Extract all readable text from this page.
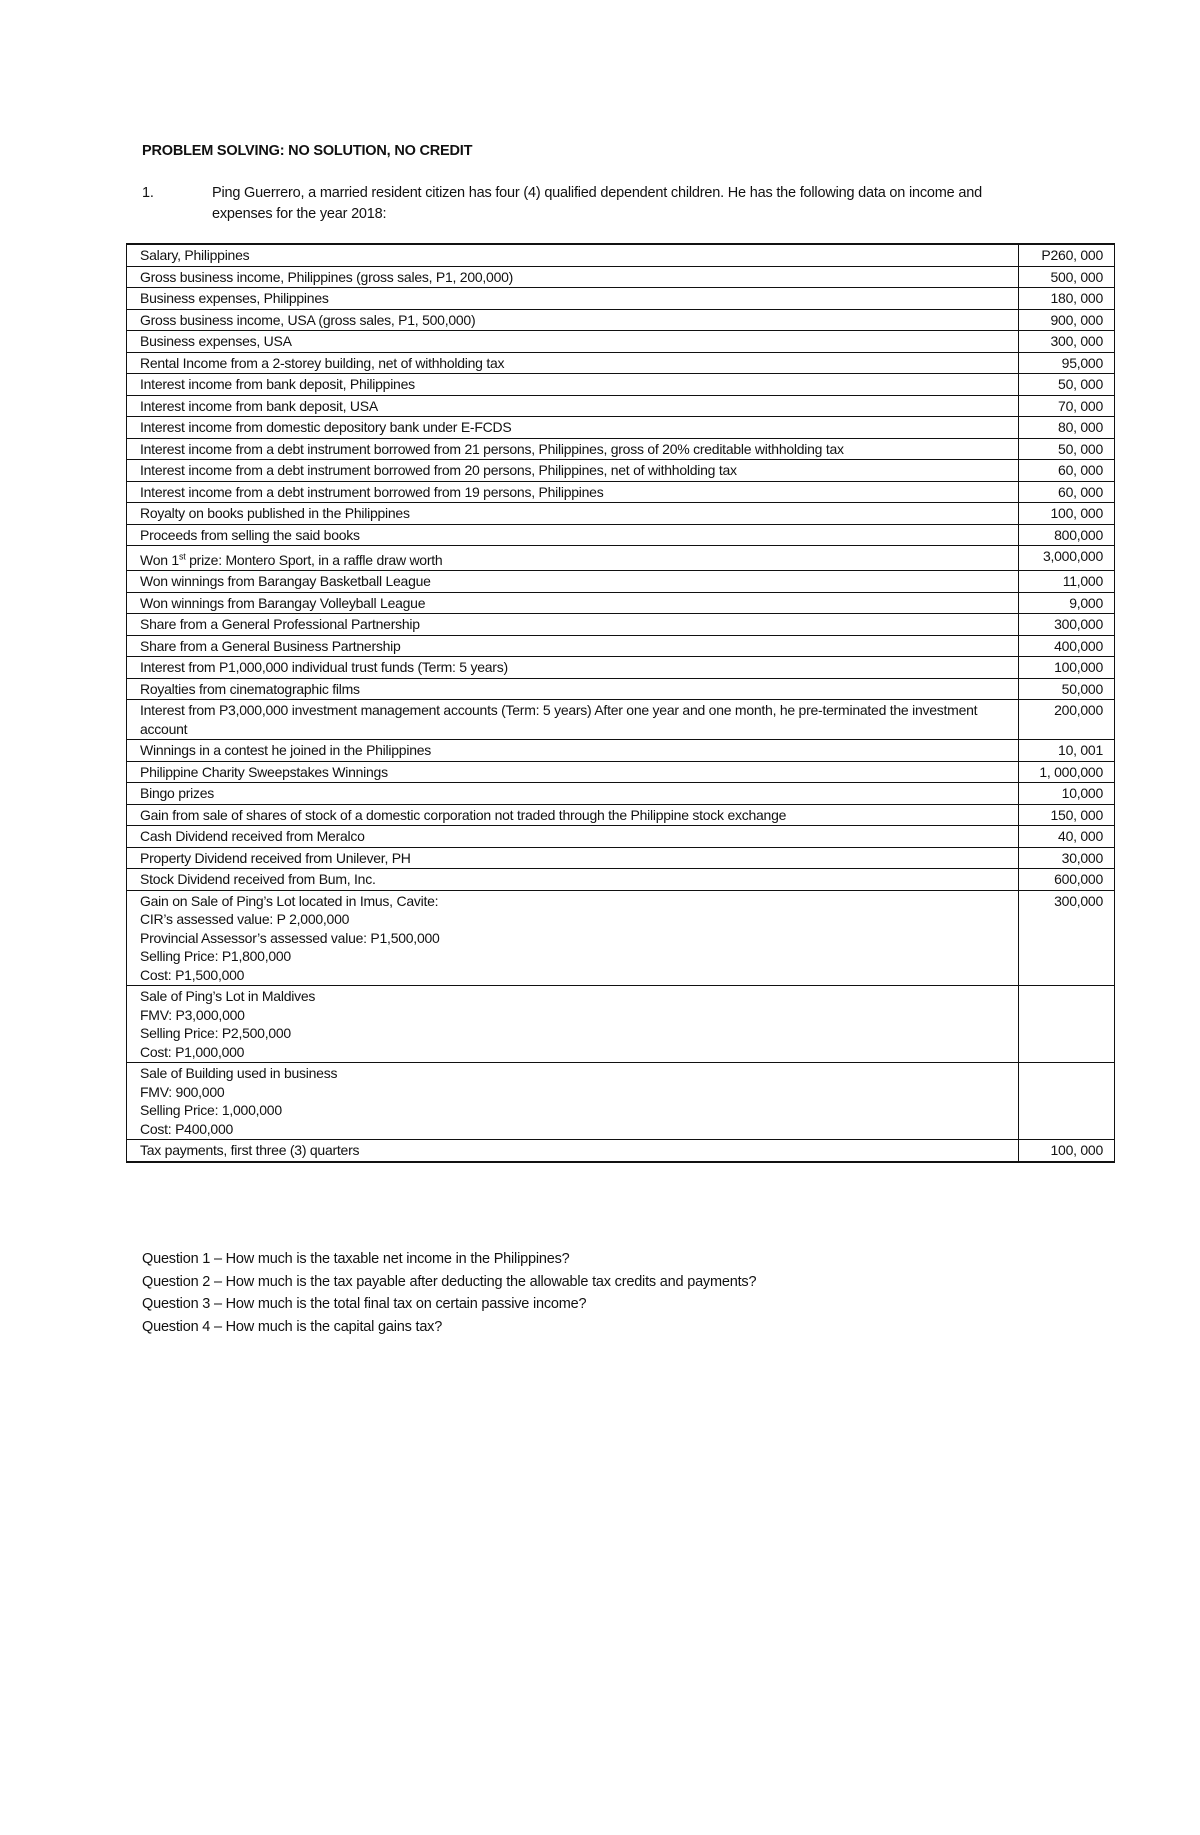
PROBLEM SOLVING: NO SOLUTION, NO CREDIT
1.	Ping Guerrero, a married resident citizen has four (4) qualified dependent children. He has the following data on income and expenses for the year 2018:
Salary, Philippines	P260, 000
Gross business income, Philippines (gross sales, P1, 200,000)	500, 000
Business expenses, Philippines	180, 000
Gross business income, USA (gross sales, P1, 500,000)	900, 000
Business expenses, USA	300, 000
Rental Income from a 2-storey building, net of withholding tax	95,000
Interest income from bank deposit, Philippines	50, 000
Interest income from bank deposit, USA	70, 000
Interest income from domestic depository bank under E-FCDS	80, 000
Interest income from a debt instrument borrowed from 21 persons, Philippines, gross of 20% creditable withholding tax	50, 000
Interest income from a debt instrument borrowed from 20 persons, Philippines, net of withholding tax	60, 000
Interest income from a debt instrument borrowed from 19 persons, Philippines	60, 000
Royalty on books published in the Philippines	100, 000
Proceeds from selling the said books	800,000
Won 1st prize: Montero Sport, in a raffle draw worth	3,000,000
Won winnings from Barangay Basketball League	11,000
Won winnings from Barangay Volleyball League	9,000
Share from a General Professional Partnership	300,000
Share from a General Business Partnership	400,000
Interest from P1,000,000 individual trust funds (Term: 5 years)	100,000
Royalties from cinematographic films	50,000
Interest from P3,000,000 investment management accounts (Term: 5 years) After one year and one month, he pre-terminated the investment account	200,000
Winnings in a contest he joined in the Philippines	10, 001
Philippine Charity Sweepstakes Winnings	1, 000,000
Bingo prizes	10,000
Gain from sale of shares of stock of a domestic corporation not traded through the Philippine stock exchange	150, 000
Cash Dividend received from Meralco	40, 000
Property Dividend received from Unilever, PH	30,000
Stock Dividend received from Bum, Inc.	600,000
Gain on Sale of Ping’s Lot located in Imus, Cavite:
CIR’s assessed value: P 2,000,000
Provincial Assessor’s assessed value: P1,500,000
Selling Price: P1,800,000
Cost: P1,500,000	300,000
Sale of Ping’s Lot in Maldives
FMV: P3,000,000
Selling Price: P2,500,000
Cost: P1,000,000	

Sale of Building used in business
FMV: 900,000
Selling Price: 1,000,000
Cost: P400,000	

Tax payments, first three (3) quarters	100, 000
Question 1 – How much is the taxable net income in the Philippines?
Question 2 – How much is the tax payable after deducting the allowable tax credits and payments?
Question 3 – How much is the total final tax on certain passive income?
Question 4 – How much is the capital gains tax?
